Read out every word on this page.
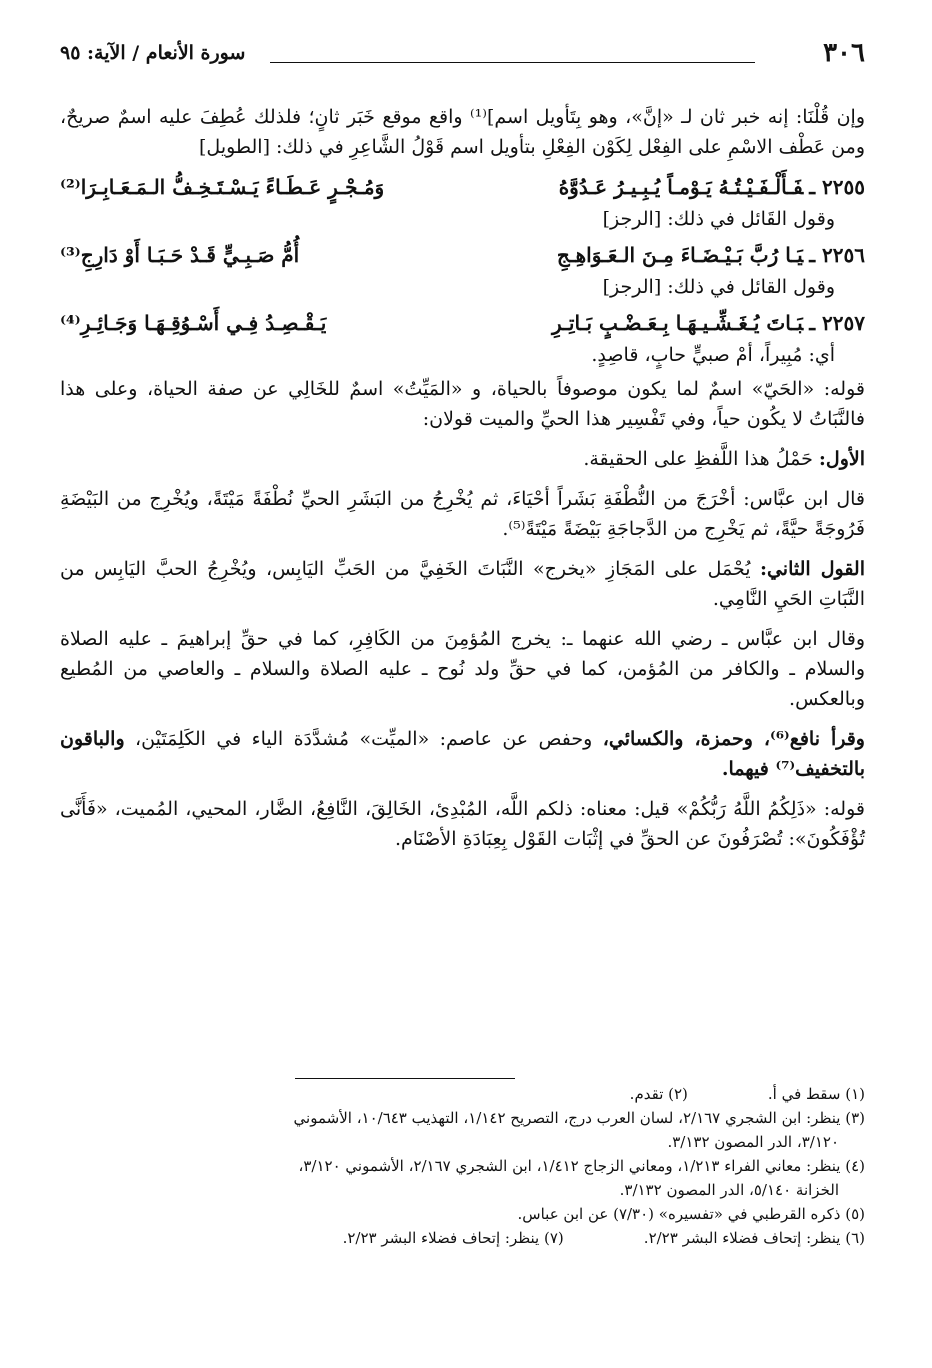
٣٠٦
سورة الأنعام / الآية: ٩٥

وإن قُلْنَا: إنه خبر ثان لـ «إنَّ»، وهو بِتَأويل اسم]⁽¹⁾ واقع موقع خَبَر ثانٍ؛ فلذلك عُطِفَ عليه اسمٌ صريحٌ، ومن عَطْف الاسْمِ على الفِعْل لِكَوْن الفِعْلِ بتأويل اسم قَوْلُ الشَّاعِرِ في ذلك: [الطويل]

٢٢٥٥ ـفَـأَلْـفَـيْـتُـهُ يَـوْمـاً يُـبِـيـرُ عَـدُوَّهُ
وَمُـجْـرٍ عَـطَـاءً يَـسْـتَـخِـفُّ الـمَـعَـابِـرَا⁽²⁾

وقول القَائل في ذلك: [الرجز]

٢٢٥٦ ـيَـا رُبَّ بَـيْـضَـاءَ مِـنَ الـعَـوَاهِـجِ
أُمُّ صَـبِـيٍّ قَـدْ حَـبَـا أَوْ دَارِجِ⁽³⁾

وقول القائل في ذلك: [الرجز]

٢٢٥٧ ـبَـاتَ يُـغَـشِّـيـهَـا بِـعَـضْـبٍ بَـاتِـرِ
يَـقْـصِـدُ فِـي أَسْـوُقِـهَـا وَجَـائِـرِ⁽⁴⁾

أي: مُبِيراً، أمْ صبيٍّ حابٍ، قاصِدٍ.

قوله: «الحَيّ» اسمٌ لما يكون موصوفاً بالحياة، و «المَيِّتُ» اسمٌ للخَالِي عن صفة الحياة، وعلى هذا فالنَّبَاتُ لا يكُون حياً، وفي تَفْسِير هذا الحيِّ والميت قولان:

الأول: حَمْلُ هذا اللَّفظِ على الحقيقة.

قال ابن عبَّاس: أخْرَجَ من النُّطْفَةِ بَشَراً أحْيَاءَ، ثم يُخْرِجُ من البَشَرِ الحيِّ نُطْفَةً مَيْتَةً، ويُخْرِج من البَيْضَةِ فَرُوجَةً حيَّةً، ثم يَخْرِج من الدَّجاجَةِ بَيْضَةً مَيْتَةً⁽⁵⁾.

القول الثاني: يُحْمَل على المَجَازِ «يخرج» النَّبَاتَ الخَفِيَّ من الحَبِّ اليَابِس، ويُخْرِجُ الحبَّ اليَابِس من النَّبَاتِ الحَيِ النَّامِي.

وقال ابن عبَّاس ـ رضي الله عنهما ـ: يخرج المُؤمِنَ من الكَافِرِ، كما في حقِّ إبراهيمَ ـ عليه الصلاة والسلام ـ والكافر من المُؤمن، كما في حقِّ ولد نُوح ـ عليه الصلاة والسلام ـ والعاصي من المُطيع وبالعكس.

وقرأ نافع⁽⁶⁾، وحمزة، والكسائي، وحفص عن عاصم: «الميِّت» مُشدَّدَة الياء في الكَلِمَتَيْن، والباقون بالتخفيف⁽⁷⁾ فيهما.

قوله: «ذَلِكُمُ اللَّهُ رَبُّكُمْ» قيل: معناه: ذلكم اللَّه، المُبْدِئ، الخَالِقَ، النَّافِعُ، الضَّار، المحيي، المُميت، «فَأَنَّى تُؤْفَكُونَ»: تُصْرَفُونَ عن الحقِّ في إثْبَات القَوْل بِعِبَادَةِ الأصْنَام.

(١) سقط في أ.
(٢) تقدم.
(٣) ينظر: ابن الشجري ٢/١٦٧، لسان العرب درج، التصريح ١/١٤٢، التهذيب ١٠/٦٤٣، الأشموني
٣/١٢٠، الدر المصون ٣/١٣٢.
(٤) ينظر: معاني الفراء ١/٢١٣، ومعاني الزجاج ١/٤١٢، ابن الشجري ٢/١٦٧، الأشموني ٣/١٢٠،
الخزانة ٥/١٤٠، الدر المصون ٣/١٣٢.
(٥) ذكره القرطبي في «تفسيره» (٧/٣٠) عن ابن عباس.
(٦) ينظر: إتحاف فضلاء البشر ٢/٢٣.
(٧) ينظر: إتحاف فضلاء البشر ٢/٢٣.
